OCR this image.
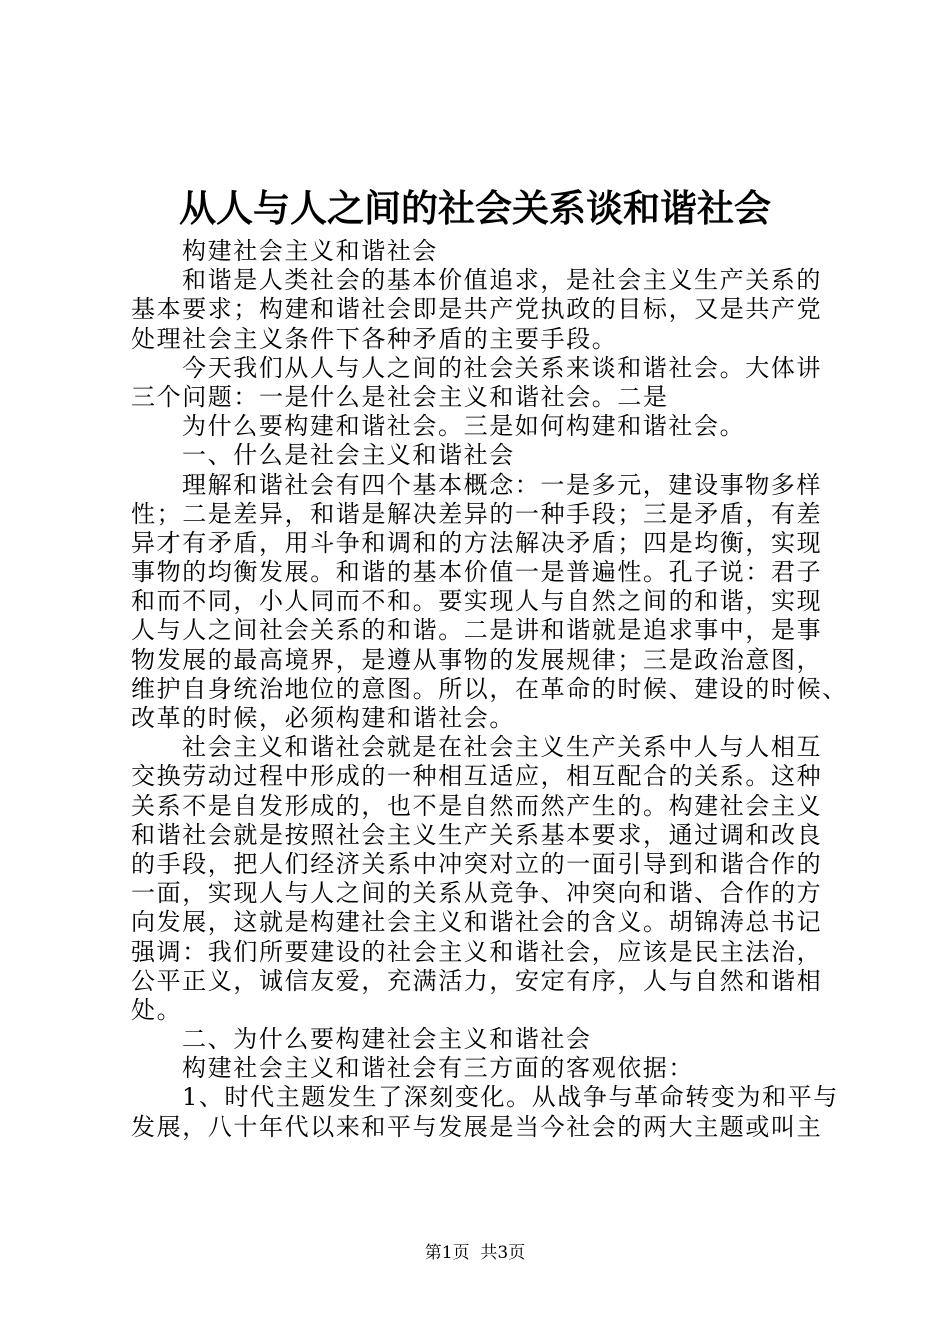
从人与人之间的社会关系谈和谐社会
构建社会主义和谐社会
和谐是人类社会的基本价值追求，是社会主义生产关系的
基本要求；构建和谐社会即是共产党执政的目标，又是共产党
处理社会主义条件下各种矛盾的主要手段。
今天我们从人与人之间的社会关系来谈和谐社会。大体讲
三个问题：一是什么是社会主义和谐社会。二是
为什么要构建和谐社会。三是如何构建和谐社会。
一、什么是社会主义和谐社会
理解和谐社会有四个基本概念：一是多元，建设事物多样
性；二是差异，和谐是解决差异的一种手段；三是矛盾，有差
异才有矛盾，用斗争和调和的方法解决矛盾；四是均衡，实现
事物的均衡发展。和谐的基本价值一是普遍性。孔子说：君子
和而不同，小人同而不和。要实现人与自然之间的和谐，实现
人与人之间社会关系的和谐。二是讲和谐就是追求事中，是事
物发展的最高境界，是遵从事物的发展规律；三是政治意图，
维护自身统治地位的意图。所以，在革命的时候、建设的时候、
改革的时候，必须构建和谐社会。
社会主义和谐社会就是在社会主义生产关系中人与人相互
交换劳动过程中形成的一种相互适应，相互配合的关系。这种
关系不是自发形成的，也不是自然而然产生的。构建社会主义
和谐社会就是按照社会主义生产关系基本要求，通过调和改良
的手段，把人们经济关系中冲突对立的一面引导到和谐合作的
一面，实现人与人之间的关系从竞争、冲突向和谐、合作的方
向发展，这就是构建社会主义和谐社会的含义。胡锦涛总书记
强调：我们所要建设的社会主义和谐社会，应该是民主法治，
公平正义，诚信友爱，充满活力，安定有序，人与自然和谐相
处。
二、为什么要构建社会主义和谐社会
构建社会主义和谐社会有三方面的客观依据：
1、时代主题发生了深刻变化。从战争与革命转变为和平与
发展，八十年代以来和平与发展是当今社会的两大主题或叫主
第1页  共3页
